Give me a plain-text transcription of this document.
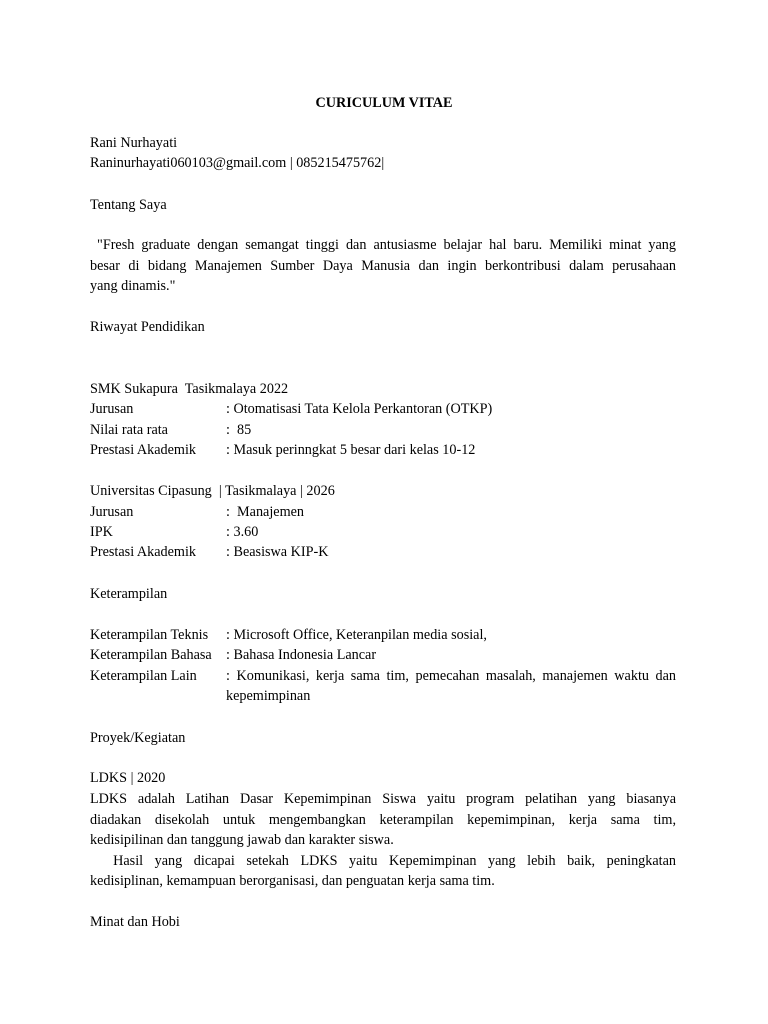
CURICULUM VITAE
Rani Nurhayati
Raninurhayati060103@gmail.com | 085215475762|
Tentang Saya
"Fresh graduate dengan semangat tinggi dan antusiasme belajar hal baru. Memiliki minat yang
besar di bidang Manajemen Sumber Daya Manusia dan ingin berkontribusi dalam perusahaan
yang dinamis."
Riwayat Pendidikan
SMK Sukapura  Tasikmalaya 2022
Jurusan	: Otomatisasi Tata Kelola Perkantoran (OTKP)
Nilai rata rata	:  85
Prestasi Akademik : Masuk perinngkat 5 besar dari kelas 10-12
Universitas Cipasung  | Tasikmalaya | 2026
Jurusan	:  Manajemen
IPK	: 3.60
Prestasi Akademik : Beasiswa KIP-K
Keterampilan
Keterampilan Teknis : Microsoft Office, Keteranpilan media sosial,
Keterampilan Bahasa : Bahasa Indonesia Lancar
Keterampilan Lain : Komunikasi, kerja sama tim, pemecahan masalah, manajemen waktu dan
kepemimpinan
Proyek/Kegiatan
LDKS | 2020
LDKS adalah Latihan Dasar Kepemimpinan Siswa yaitu program pelatihan yang biasanya
diadakan disekolah untuk mengembangkan keterampilan kepemimpinan, kerja sama tim,
kedisipilinan dan tanggung jawab dan karakter siswa.
Hasil yang dicapai setekah LDKS yaitu Kepemimpinan yang lebih baik, peningkatan
kedisiplinan, kemampuan berorganisasi, dan penguatan kerja sama tim.
Minat dan Hobi
